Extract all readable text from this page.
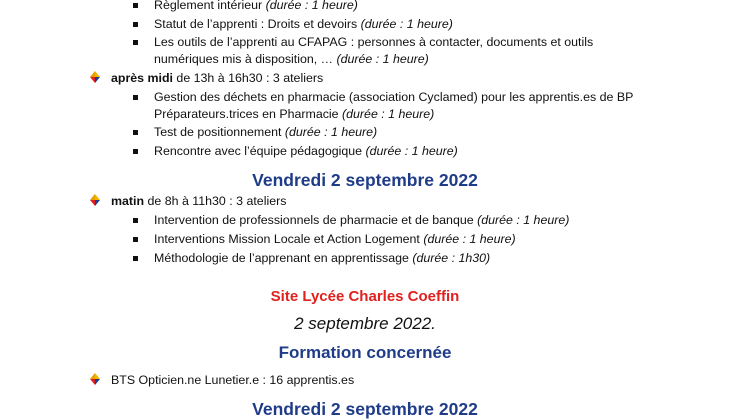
Règlement intérieur (durée : 1 heure)
Statut de l’apprenti : Droits et devoirs (durée : 1 heure)
Les outils de l’apprenti au CFAPAG : personnes à contacter, documents et outils
numériques mis à disposition, … (durée : 1 heure)
après midi de 13h à 16h30 : 3 ateliers
Gestion des déchets en pharmacie (association Cyclamed) pour les apprentis.es de BP
Préparateurs.trices en Pharmacie (durée : 1 heure)
Test de positionnement (durée : 1 heure)
Rencontre avec l’équipe pédagogique (durée : 1 heure)
Vendredi 2 septembre 2022
matin de 8h à 11h30 : 3 ateliers
Intervention de professionnels de pharmacie et de banque (durée : 1 heure)
Interventions Mission Locale et Action Logement (durée : 1 heure)
Méthodologie de l’apprenant en apprentissage (durée : 1h30)
Site Lycée Charles Coeffin
2 septembre 2022.
Formation concernée
BTS Opticien.ne Lunetier.e : 16 apprentis.es
Vendredi 2 septembre 2022
